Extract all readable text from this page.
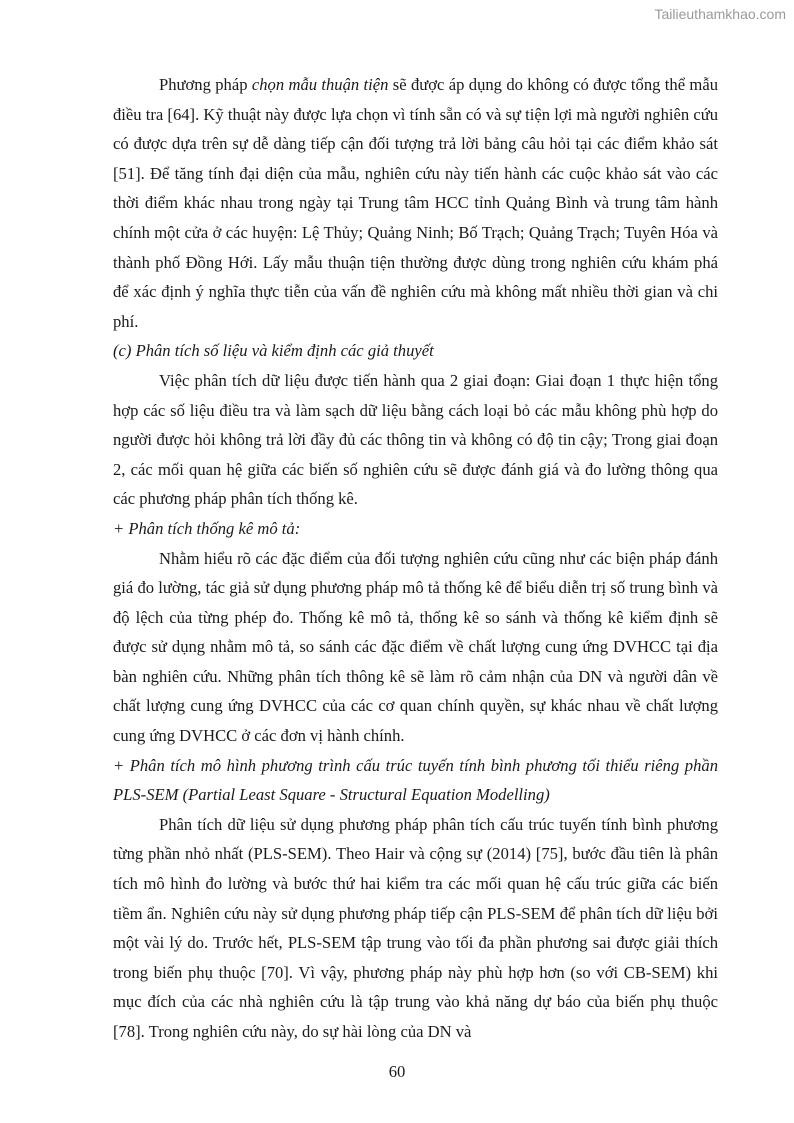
Tailieuthamkhao.com

Phương pháp chọn mẫu thuận tiện sẽ được áp dụng do không có được tổng thể mẫu điều tra [64]. Kỹ thuật này được lựa chọn vì tính sẵn có và sự tiện lợi mà người nghiên cứu có được dựa trên sự dễ dàng tiếp cận đối tượng trả lời bảng câu hỏi tại các điểm khảo sát [51]. Để tăng tính đại diện của mẫu, nghiên cứu này tiến hành các cuộc khảo sát vào các thời điểm khác nhau trong ngày tại Trung tâm HCC tỉnh Quảng Bình và trung tâm hành chính một cửa ở các huyện: Lệ Thủy; Quảng Ninh; Bố Trạch; Quảng Trạch; Tuyên Hóa và thành phố Đồng Hới. Lấy mẫu thuận tiện thường được dùng trong nghiên cứu khám phá để xác định ý nghĩa thực tiễn của vấn đề nghiên cứu mà không mất nhiều thời gian và chi phí.

(c) Phân tích số liệu và kiểm định các giả thuyết

Việc phân tích dữ liệu được tiến hành qua 2 giai đoạn: Giai đoạn 1 thực hiện tổng hợp các số liệu điều tra và làm sạch dữ liệu bằng cách loại bỏ các mẫu không phù hợp do người được hỏi không trả lời đầy đủ các thông tin và không có độ tin cậy; Trong giai đoạn 2, các mối quan hệ giữa các biến số nghiên cứu sẽ được đánh giá và đo lường thông qua các phương pháp phân tích thống kê.

+ Phân tích thống kê mô tả:

Nhằm hiểu rõ các đặc điểm của đối tượng nghiên cứu cũng như các biện pháp đánh giá đo lường, tác giả sử dụng phương pháp mô tả thống kê để biểu diễn trị số trung bình và độ lệch của từng phép đo. Thống kê mô tả, thống kê so sánh và thống kê kiểm định sẽ được sử dụng nhằm mô tả, so sánh các đặc điểm về chất lượng cung ứng DVHCC tại địa bàn nghiên cứu. Những phân tích thông kê sẽ làm rõ cảm nhận của DN và người dân về chất lượng cung ứng DVHCC của các cơ quan chính quyền, sự khác nhau về chất lượng cung ứng DVHCC ở các đơn vị hành chính.

+ Phân tích mô hình phương trình cấu trúc tuyến tính bình phương tối thiểu riêng phần PLS-SEM (Partial Least Square - Structural Equation Modelling)

Phân tích dữ liệu sử dụng phương pháp phân tích cấu trúc tuyến tính bình phương từng phần nhỏ nhất (PLS-SEM). Theo Hair và cộng sự (2014) [75], bước đầu tiên là phân tích mô hình đo lường và bước thứ hai kiểm tra các mối quan hệ cấu trúc giữa các biến tiềm ẩn. Nghiên cứu này sử dụng phương pháp tiếp cận PLS-SEM để phân tích dữ liệu bởi một vài lý do. Trước hết, PLS-SEM tập trung vào tối đa phần phương sai được giải thích trong biến phụ thuộc [70]. Vì vậy, phương pháp này phù hợp hơn (so với CB-SEM) khi mục đích của các nhà nghiên cứu là tập trung vào khả năng dự báo của biến phụ thuộc [78]. Trong nghiên cứu này, do sự hài lòng của DN và

60
